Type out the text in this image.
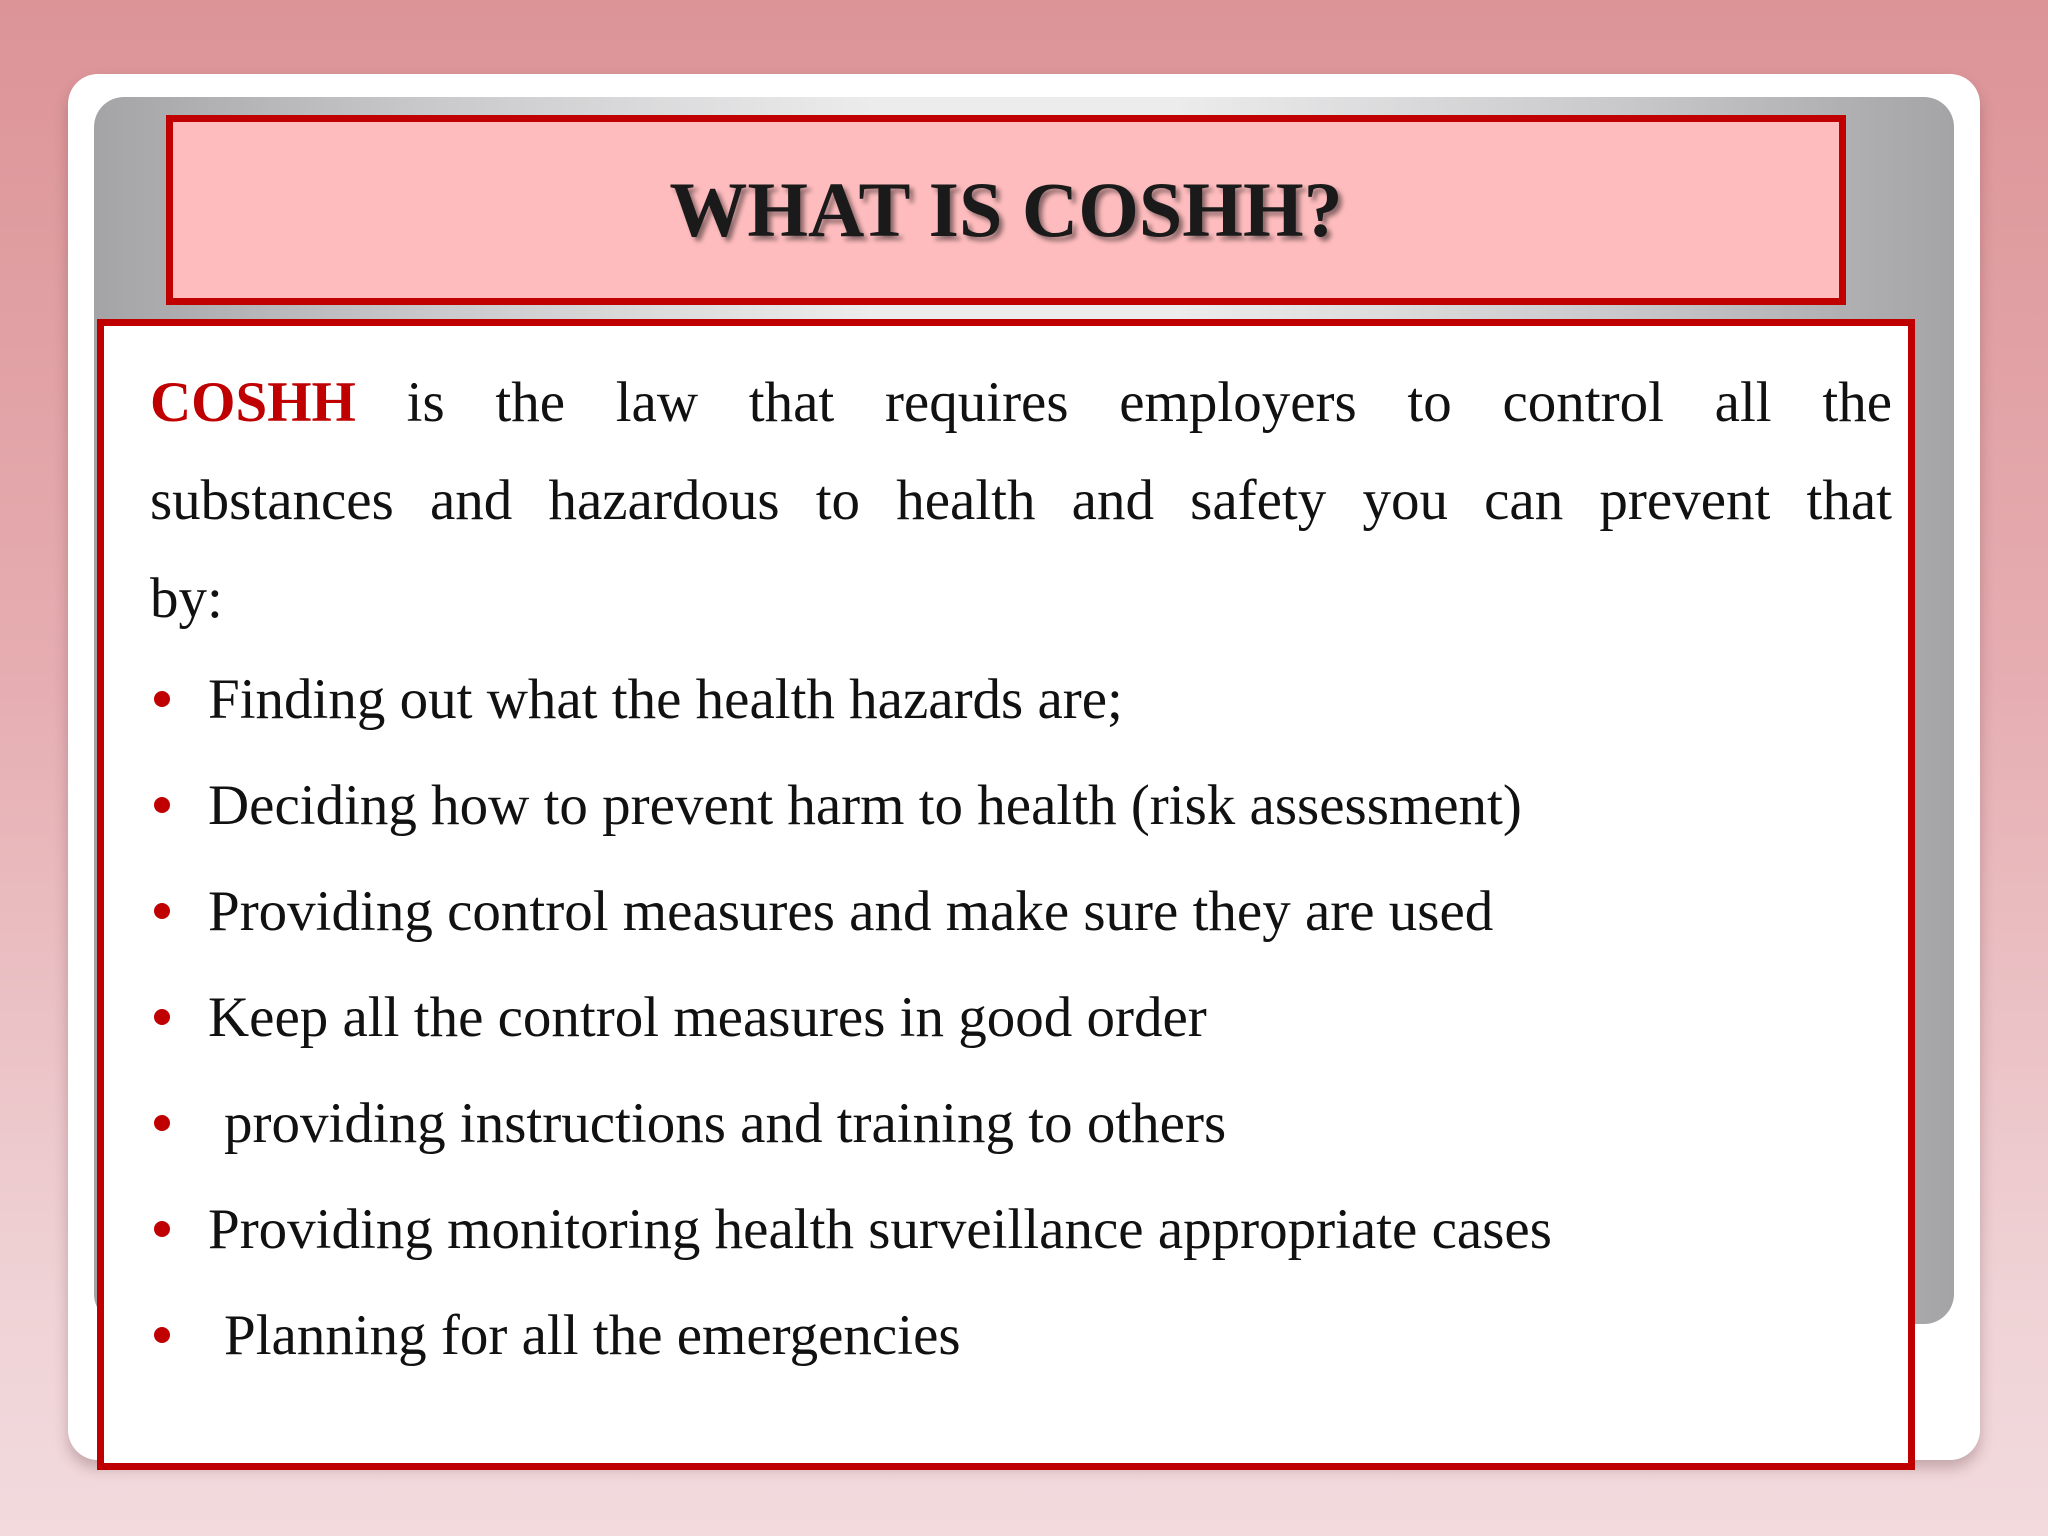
WHAT IS COSHH?
COSHH is the law that requires employers to control all the
substances and hazardous to health and safety you can prevent that
by:
Finding out what the health hazards are;
Deciding how to prevent harm to health (risk assessment)
Providing control measures and make sure they are used
Keep all the control measures in good order
providing instructions and training to others
Providing monitoring health surveillance appropriate cases
Planning for all the emergencies
